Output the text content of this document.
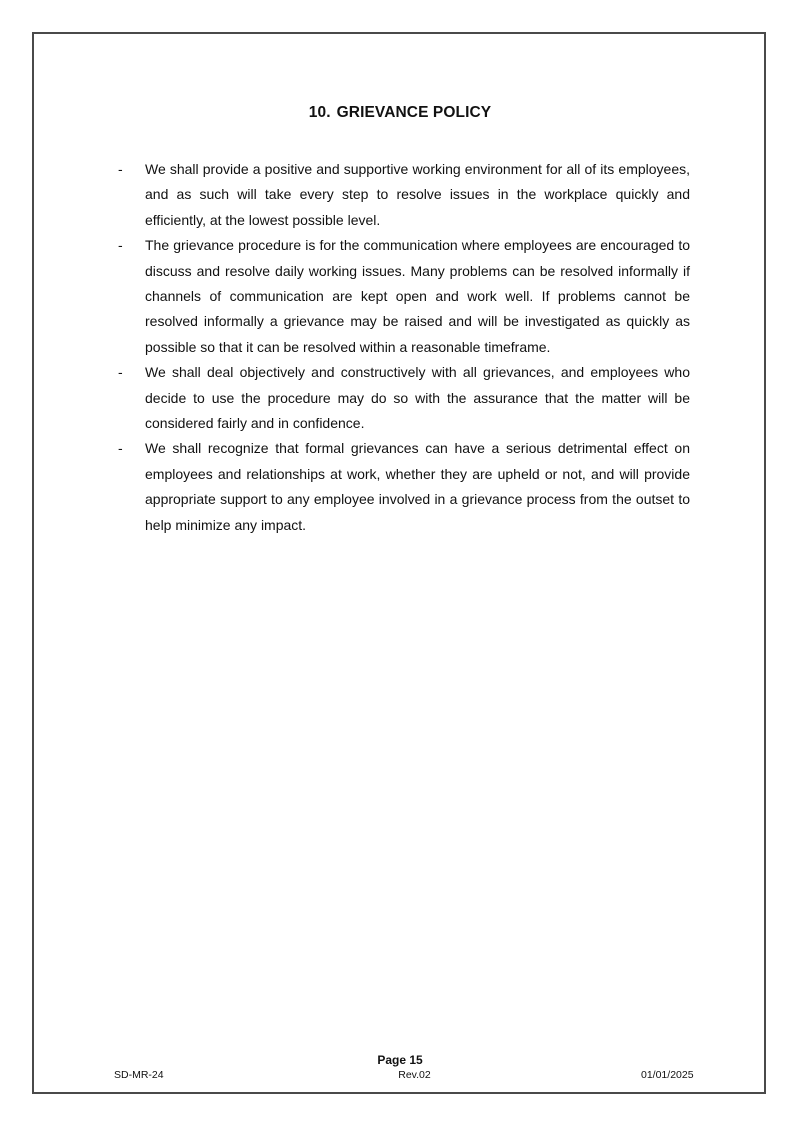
10. GRIEVANCE POLICY
- We shall provide a positive and supportive working environment for all of its employees, and as such will take every step to resolve issues in the workplace quickly and efficiently, at the lowest possible level.
- The grievance procedure is for the communication where employees are encouraged to discuss and resolve daily working issues. Many problems can be resolved informally if channels of communication are kept open and work well. If problems cannot be resolved informally a grievance may be raised and will be investigated as quickly as possible so that it can be resolved within a reasonable timeframe.
- We shall deal objectively and constructively with all grievances, and employees who decide to use the procedure may do so with the assurance that the matter will be considered fairly and in confidence.
- We shall recognize that formal grievances can have a serious detrimental effect on employees and relationships at work, whether they are upheld or not, and will provide appropriate support to any employee involved in a grievance process from the outset to help minimize any impact.
Page 15
SD-MR-24	Rev.02	01/01/2025
